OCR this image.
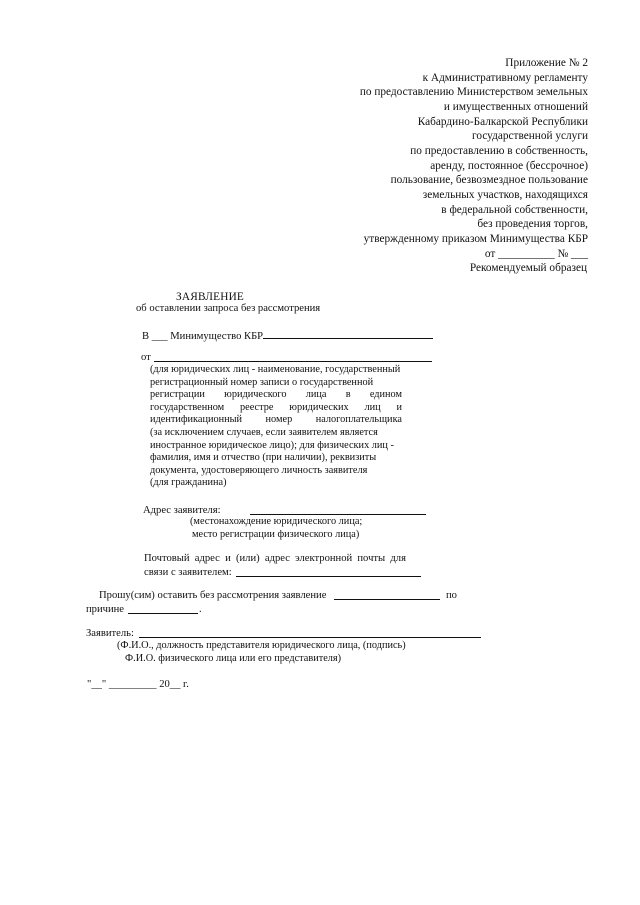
Приложение № 2
к Административному регламенту
по предоставлению Министерством земельных
и имущественных отношений
Кабардино-Балкарской Республики
государственной услуги
по предоставлению в собственность,
аренду, постоянное (бессрочное)
пользование, безвозмездное пользование
земельных участков, находящихся
в федеральной собственности,
без проведения торгов,
утвержденному приказом Минимущества КБР
от __________ № ___
Рекомендуемый образец
ЗАЯВЛЕНИЕ
об оставлении запроса без рассмотрения
В ___ Минимущество КБР
от
(для юридических лиц - наименование, государственный
регистрационный номер записи о государственной
регистрации юридического лица в едином
государственном реестре юридических лиц и
идентификационный номер налогоплательщика
(за исключением случаев, если заявителем является
иностранное юридическое лицо); для физических лиц -
фамилия, имя и отчество (при наличии), реквизиты
документа, удостоверяющего личность заявителя
(для гражданина)
Адрес заявителя:
(местонахождение юридического лица;
место регистрации физического лица)
Почтовый адрес и (или) адрес электронной почты для
связи с заявителем:
Прошу(сим) оставить без рассмотрения заявление	по
причине	.
Заявитель:
(Ф.И.О., должность представителя юридического лица, (подпись)
Ф.И.О. физического лица или его представителя)
"__" _________ 20__ г.
